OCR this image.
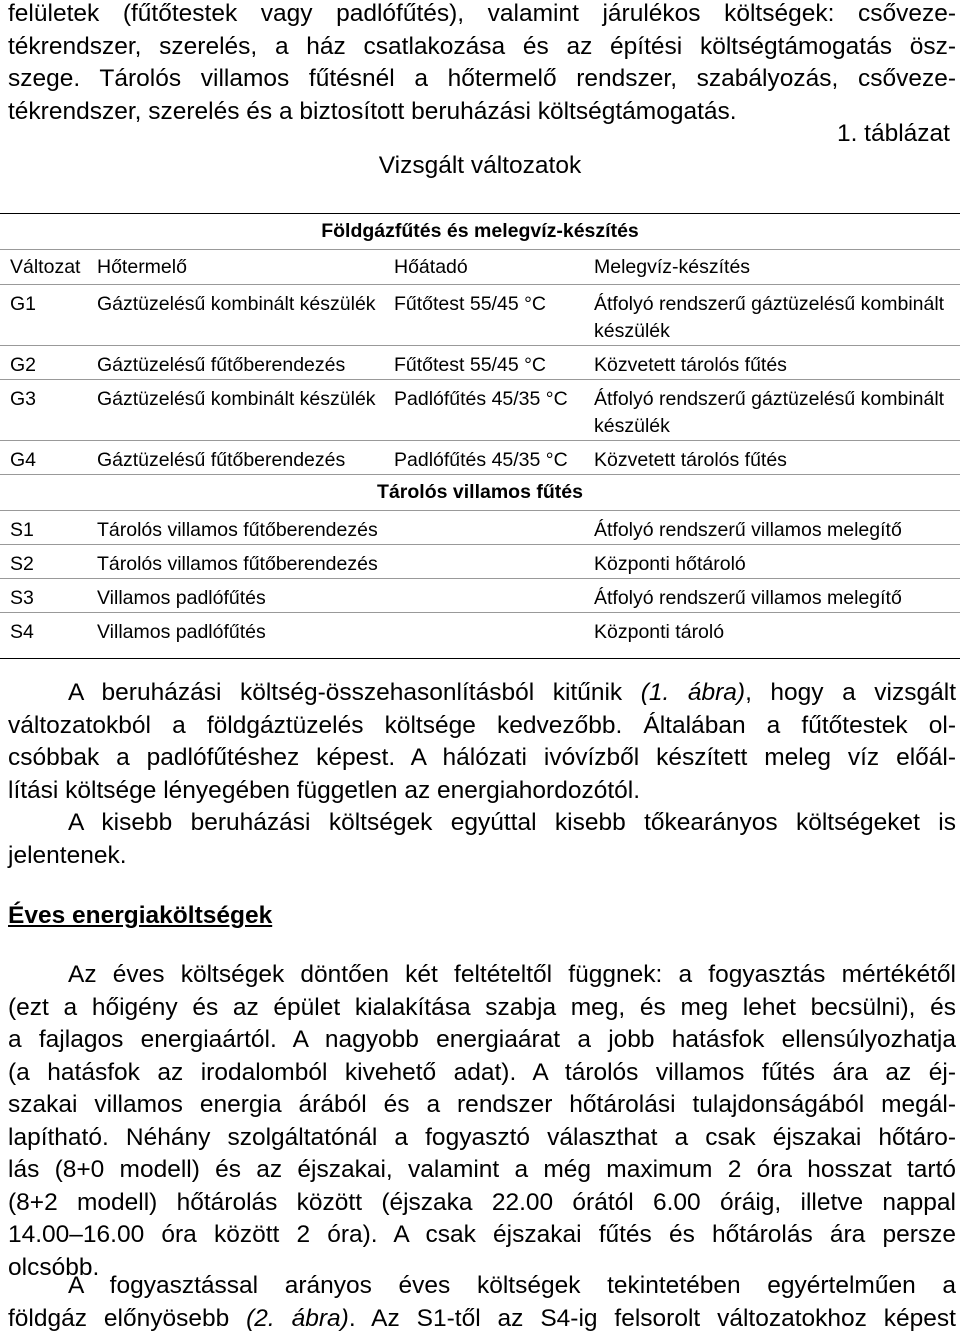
felületek (fűtőtestek vagy padlófűtés), valamint járulékos költségek: csőveze-
tékrendszer, szerelés, a ház csatlakozása és az építési költségtámogatás ösz-
szege. Tárolós villamos fűtésnél a hőtermelő rendszer, szabályozás, csőveze-
tékrendszer, szerelés és a biztosított beruházási költségtámogatás.
1. táblázat
Vizsgált változatok
Földgázfűtés és melegvíz-készítés			
Változat	Hőtermelő	Hőátadó	Melegvíz-készítés
G1	Gáztüzelésű kombinált készülék	Fűtőtest 55/45 °C	Átfolyó rendszerű gáztüzelésű kombinált készülék
G2	Gáztüzelésű fűtőberendezés	Fűtőtest 55/45 °C	Közvetett tárolós fűtés
G3	Gáztüzelésű kombinált készülék	Padlófűtés 45/35 °C	Átfolyó rendszerű gáztüzelésű kombinált készülék
G4	Gáztüzelésű fűtőberendezés	Padlófűtés 45/35 °C	Közvetett tárolós fűtés
Tárolós villamos fűtés			
S1	Tárolós villamos fűtőberendezés		Átfolyó rendszerű villamos melegítő
S2	Tárolós villamos fűtőberendezés		Központi hőtároló
S3	Villamos padlófűtés		Átfolyó rendszerű villamos melegítő
S4	Villamos padlófűtés		Központi tároló
A beruházási költség-összehasonlításból kitűnik (1. ábra), hogy a vizsgált
változatokból a földgáztüzelés költsége kedvezőbb. Általában a fűtőtestek ol-
csóbbak a padlófűtéshez képest. A hálózati ivóvízből készített meleg víz előál-
lítási költsége lényegében független az energiahordozótól.
A kisebb beruházási költségek egyúttal kisebb tőkearányos költségeket is
jelentenek.
Éves energiaköltségek
Az éves költségek döntően két feltételtől függnek: a fogyasztás mértékétől
(ezt a hőigény és az épület kialakítása szabja meg, és meg lehet becsülni), és
a fajlagos energiaártól. A nagyobb energiaárat a jobb hatásfok ellensúlyozhatja
(a hatásfok az irodalomból kivehető adat). A tárolós villamos fűtés ára az éj-
szakai villamos energia árából és a rendszer hőtárolási tulajdonságából megál-
lapítható. Néhány szolgáltatónál a fogyasztó választhat a csak éjszakai hőtáro-
lás (8+0 modell) és az éjszakai, valamint a még maximum 2 óra hosszat tartó
(8+2 modell) hőtárolás között (éjszaka 22.00 órától 6.00 óráig, illetve nappal
14.00–16.00 óra között 2 óra). A csak éjszakai fűtés és hőtárolás ára persze
olcsóbb.
A fogyasztással arányos éves költségek tekintetében egyértelműen a
földgáz előnyösebb (2. ábra). Az S1-től az S4-ig felsorolt változatokhoz képest
